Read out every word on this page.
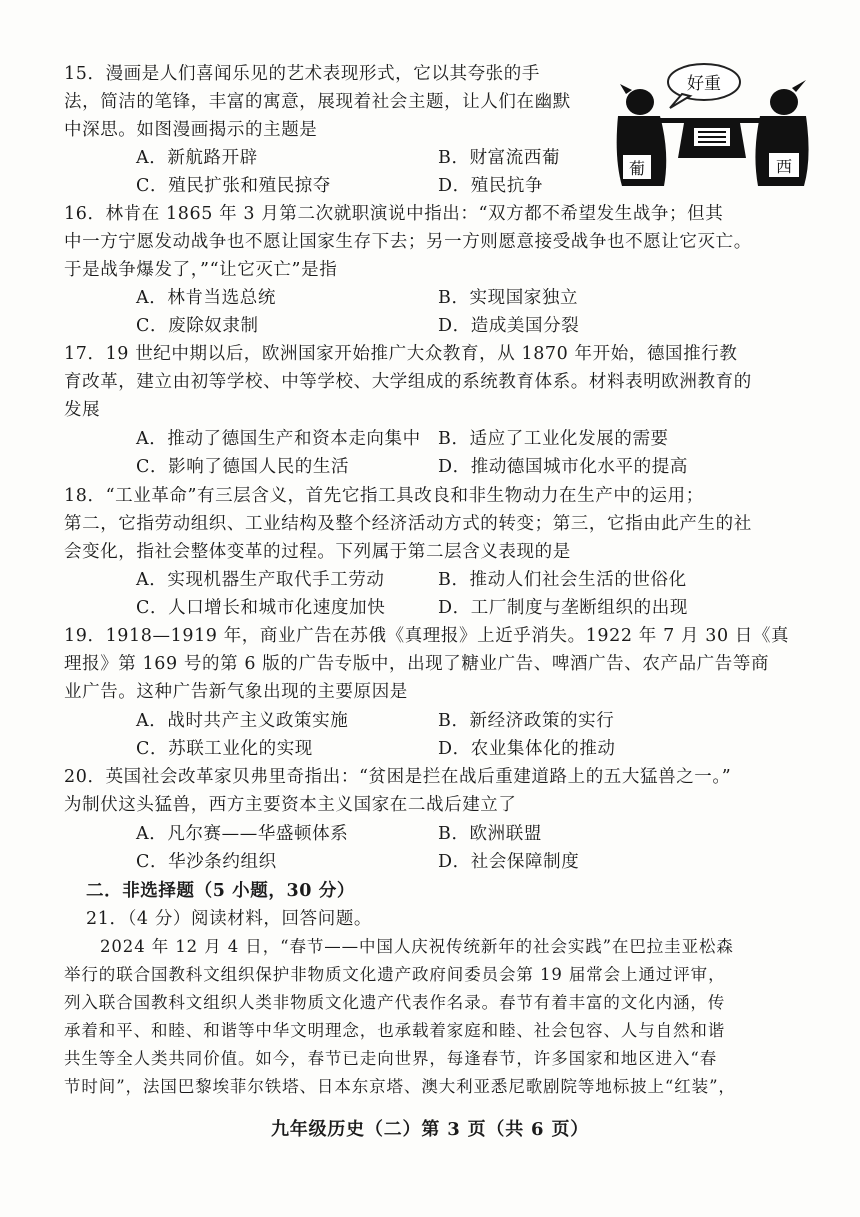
15．漫画是人们喜闻乐见的艺术表现形式，它以其夸张的手
法，简洁的笔锋，丰富的寓意，展现着社会主题，让人们在幽默
中深思。如图漫画揭示的主题是
A．新航路开辟	B．财富流西葡
C．殖民扩张和殖民掠夺	D．殖民抗争
好重
葡	西
16．林肯在 1865 年 3 月第二次就职演说中指出：“双方都不希望发生战争；但其
中一方宁愿发动战争也不愿让国家生存下去；另一方则愿意接受战争也不愿让它灭亡。
于是战争爆发了，”“让它灭亡”是指
A．林肯当选总统	B．实现国家独立
C．废除奴隶制	D．造成美国分裂
17．19 世纪中期以后，欧洲国家开始推广大众教育，从 1870 年开始，德国推行教
育改革，建立由初等学校、中等学校、大学组成的系统教育体系。材料表明欧洲教育的
发展
A．推动了德国生产和资本走向集中 B．适应了工业化发展的需要
C．影响了德国人民的生活	D．推动德国城市化水平的提高
18．“工业革命”有三层含义，首先它指工具改良和非生物动力在生产中的运用；
第二，它指劳动组织、工业结构及整个经济活动方式的转变；第三，它指由此产生的社
会变化，指社会整体变革的过程。下列属于第二层含义表现的是
A．实现机器生产取代手工劳动	B．推动人们社会生活的世俗化
C．人口增长和城市化速度加快	D．工厂制度与垄断组织的出现
19．1918—1919 年，商业广告在苏俄《真理报》上近乎消失。1922 年 7 月 30 日《真
理报》第 169 号的第 6 版的广告专版中，出现了糖业广告、啤酒广告、农产品广告等商
业广告。这种广告新气象出现的主要原因是
A．战时共产主义政策实施	B．新经济政策的实行
C．苏联工业化的实现	D．农业集体化的推动
20．英国社会改革家贝弗里奇指出：“贫困是拦在战后重建道路上的五大猛兽之一。”
为制伏这头猛兽，西方主要资本主义国家在二战后建立了
A．凡尔赛——华盛顿体系	B．欧洲联盟
C．华沙条约组织	D．社会保障制度
二．非选择题（5 小题，30 分）
21．（4 分）阅读材料，回答问题。
2024 年 12 月 4 日，“春节——中国人庆祝传统新年的社会实践”在巴拉圭亚松森
举行的联合国教科文组织保护非物质文化遗产政府间委员会第 19 届常会上通过评审，
列入联合国教科文组织人类非物质文化遗产代表作名录。春节有着丰富的文化内涵，传
承着和平、和睦、和谐等中华文明理念，也承载着家庭和睦、社会包容、人与自然和谐
共生等全人类共同价值。如今，春节已走向世界，每逢春节，许多国家和地区进入“春
节时间”，法国巴黎埃菲尔铁塔、日本东京塔、澳大利亚悉尼歌剧院等地标披上“红装”，
九年级历史（二）第 3 页（共 6 页）
